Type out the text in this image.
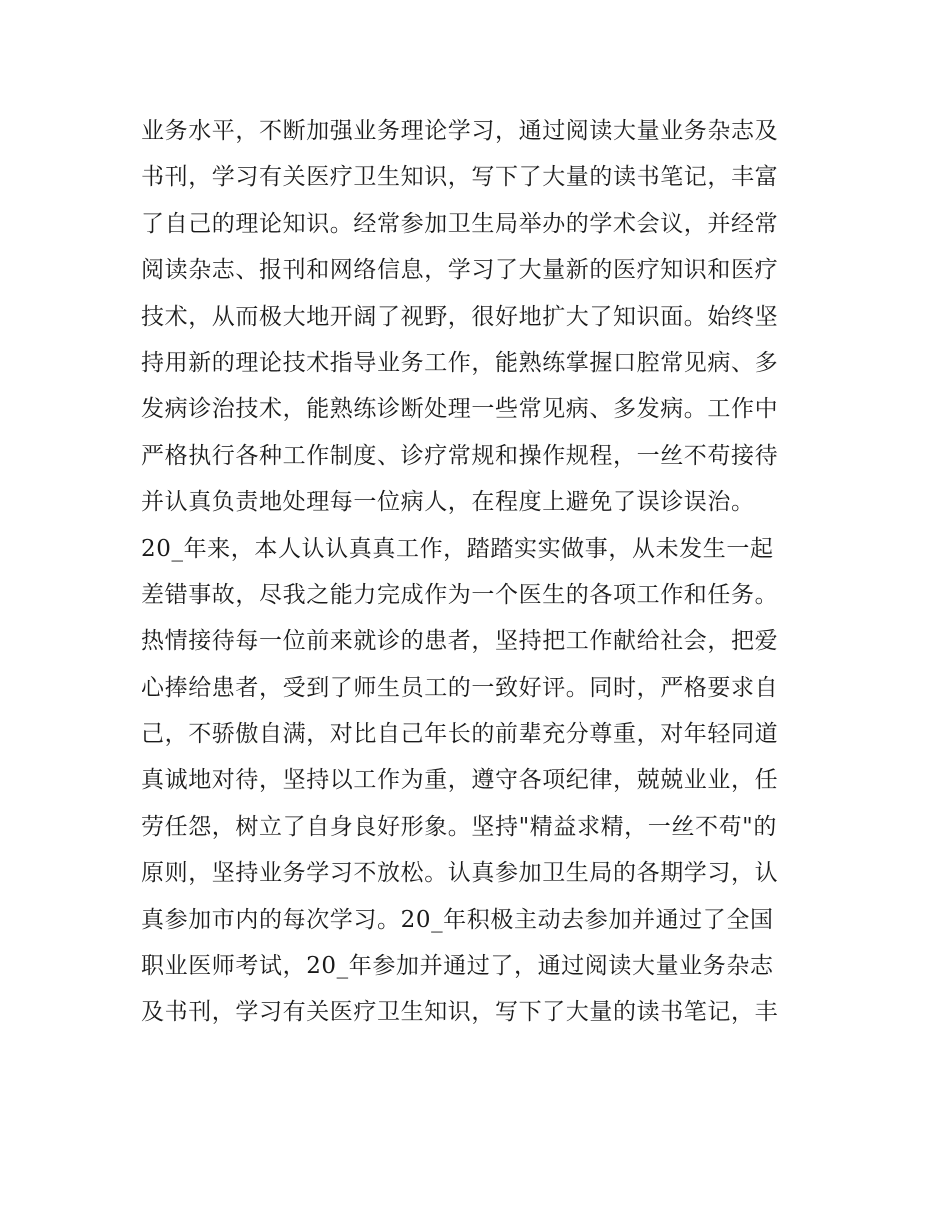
业务水平，不断加强业务理论学习，通过阅读大量业务杂志及
书刊，学习有关医疗卫生知识，写下了大量的读书笔记，丰富
了自己的理论知识。经常参加卫生局举办的学术会议，并经常
阅读杂志、报刊和网络信息，学习了大量新的医疗知识和医疗
技术，从而极大地开阔了视野，很好地扩大了知识面。始终坚
持用新的理论技术指导业务工作，能熟练掌握口腔常见病、多
发病诊治技术，能熟练诊断处理一些常见病、多发病。工作中
严格执行各种工作制度、诊疗常规和操作规程，一丝不苟接待
并认真负责地处理每一位病人，在程度上避免了误诊误治。
20_年来，本人认认真真工作，踏踏实实做事，从未发生一起
差错事故，尽我之能力完成作为一个医生的各项工作和任务。
热情接待每一位前来就诊的患者，坚持把工作献给社会，把爱
心捧给患者，受到了师生员工的一致好评。同时，严格要求自
己，不骄傲自满，对比自己年长的前辈充分尊重，对年轻同道
真诚地对待，坚持以工作为重，遵守各项纪律，兢兢业业，任
劳任怨，树立了自身良好形象。坚持"精益求精，一丝不苟"的
原则，坚持业务学习不放松。认真参加卫生局的各期学习，认
真参加市内的每次学习。20_年积极主动去参加并通过了全国
职业医师考试，20_年参加并通过了，通过阅读大量业务杂志
及书刊，学习有关医疗卫生知识，写下了大量的读书笔记，丰
